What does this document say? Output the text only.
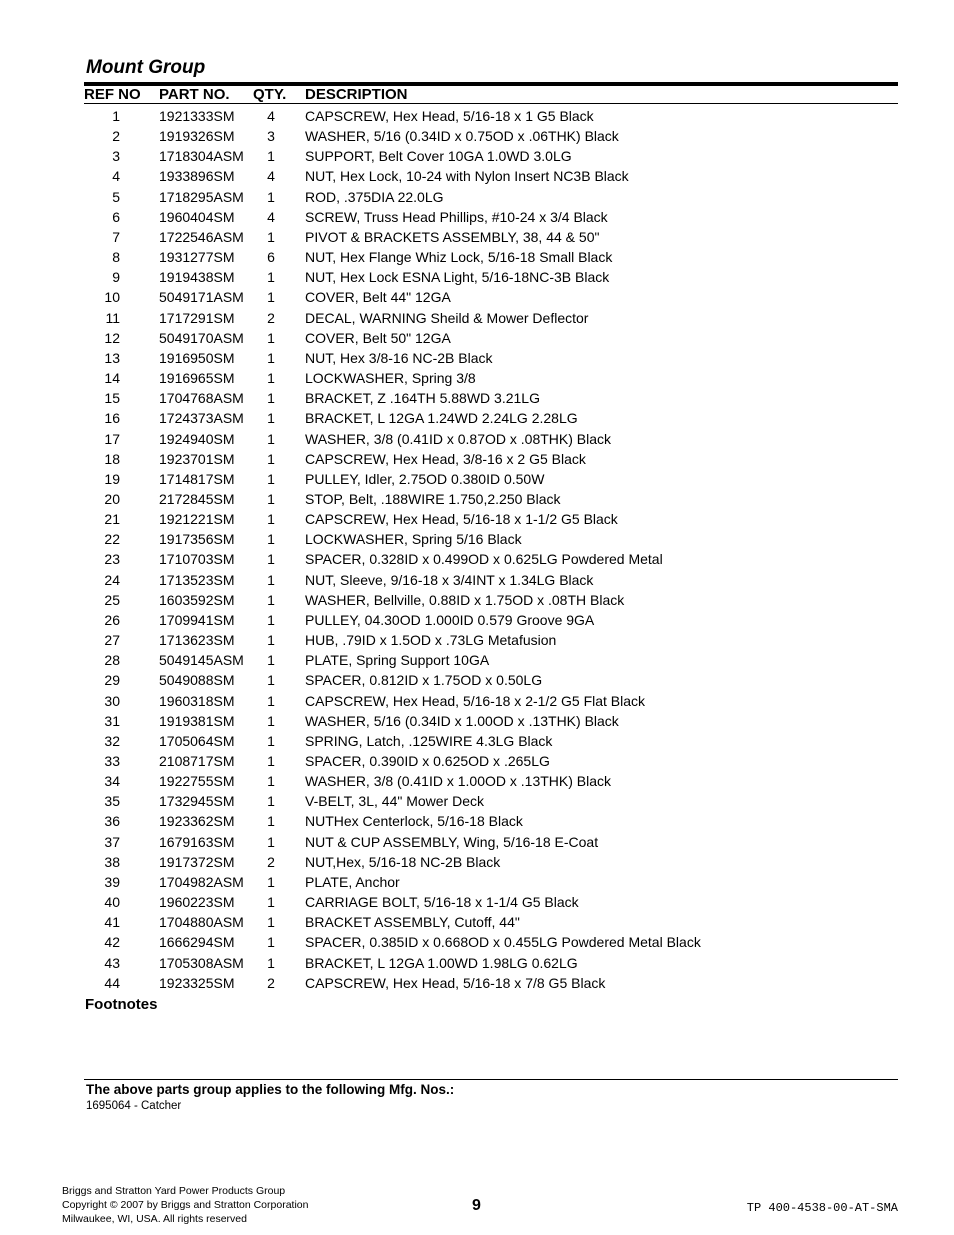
Mount Group
REF NO PART NO. QTY. DESCRIPTION
1	1921333SM 4 CAPSCREW, Hex Head, 5/16-18 x 1 G5 Black
2	1919326SM 3 WASHER, 5/16 (0.34ID x 0.75OD x .06THK) Black
3	1718304ASM 1 SUPPORT, Belt Cover 10GA 1.0WD 3.0LG
4	1933896SM 4 NUT, Hex Lock, 10-24 with Nylon Insert NC3B Black
5	1718295ASM 1 ROD, .375DIA 22.0LG
6	1960404SM 4 SCREW, Truss Head Phillips, #10-24 x 3/4 Black
7	1722546ASM 1 PIVOT & BRACKETS ASSEMBLY, 38, 44 & 50"
8	1931277SM 6 NUT, Hex Flange Whiz Lock, 5/16-18 Small Black
9	1919438SM 1 NUT, Hex Lock ESNA Light, 5/16-18NC-3B Black
10	5049171ASM 1 COVER, Belt 44" 12GA
11	1717291SM 2 DECAL, WARNING Sheild & Mower Deflector
12	5049170ASM 1 COVER, Belt 50" 12GA
13	1916950SM 1 NUT, Hex 3/8-16 NC-2B Black
14	1916965SM 1 LOCKWASHER, Spring 3/8
15	1704768ASM 1 BRACKET, Z .164TH 5.88WD 3.21LG
16	1724373ASM 1 BRACKET, L 12GA 1.24WD 2.24LG 2.28LG
17	1924940SM 1 WASHER, 3/8 (0.41ID x 0.87OD x .08THK) Black
18	1923701SM 1 CAPSCREW, Hex Head, 3/8-16 x 2 G5 Black
19	1714817SM 1 PULLEY, Idler, 2.75OD 0.380ID 0.50W
20	2172845SM 1 STOP, Belt, .188WIRE 1.750,2.250 Black
21	1921221SM 1 CAPSCREW, Hex Head, 5/16-18 x 1-1/2 G5 Black
22	1917356SM 1 LOCKWASHER, Spring 5/16 Black
23	1710703SM 1 SPACER, 0.328ID x 0.499OD x 0.625LG Powdered Metal
24	1713523SM 1 NUT, Sleeve, 9/16-18 x 3/4INT x 1.34LG Black
25	1603592SM 1 WASHER, Bellville, 0.88ID x 1.75OD x .08TH Black
26	1709941SM 1 PULLEY, 04.30OD 1.000ID 0.579 Groove 9GA
27	1713623SM 1 HUB, .79ID x 1.5OD x .73LG Metafusion
28	5049145ASM 1 PLATE, Spring Support 10GA
29	5049088SM 1 SPACER, 0.812ID x 1.75OD x 0.50LG
30	1960318SM 1 CAPSCREW, Hex Head, 5/16-18 x 2-1/2 G5 Flat Black
31	1919381SM 1 WASHER, 5/16 (0.34ID x 1.00OD x .13THK) Black
32	1705064SM 1 SPRING, Latch, .125WIRE 4.3LG Black
33	2108717SM 1 SPACER, 0.390ID x 0.625OD x .265LG
34	1922755SM 1 WASHER, 3/8 (0.41ID x 1.00OD x .13THK) Black
35	1732945SM 1 V-BELT, 3L, 44" Mower Deck
36	1923362SM 1 NUTHex Centerlock, 5/16-18 Black
37	1679163SM 1 NUT & CUP ASSEMBLY, Wing, 5/16-18 E-Coat
38	1917372SM 2 NUT,Hex, 5/16-18 NC-2B Black
39	1704982ASM 1 PLATE, Anchor
40	1960223SM 1 CARRIAGE BOLT, 5/16-18 x 1-1/4 G5 Black
41	1704880ASM 1 BRACKET ASSEMBLY, Cutoff, 44"
42	1666294SM 1 SPACER, 0.385ID x 0.668OD x 0.455LG Powdered Metal Black
43	1705308ASM 1 BRACKET, L 12GA 1.00WD 1.98LG 0.62LG
44	1923325SM 2 CAPSCREW, Hex Head, 5/16-18 x 7/8 G5 Black
Footnotes
The above parts group applies to the following Mfg. Nos.:
1695064 - Catcher
Briggs and Stratton Yard Power Products Group
Copyright © 2007 by Briggs and Stratton Corporation
Milwaukee, WI, USA. All rights reserved
9	TP 400-4538-00-AT-SMA
